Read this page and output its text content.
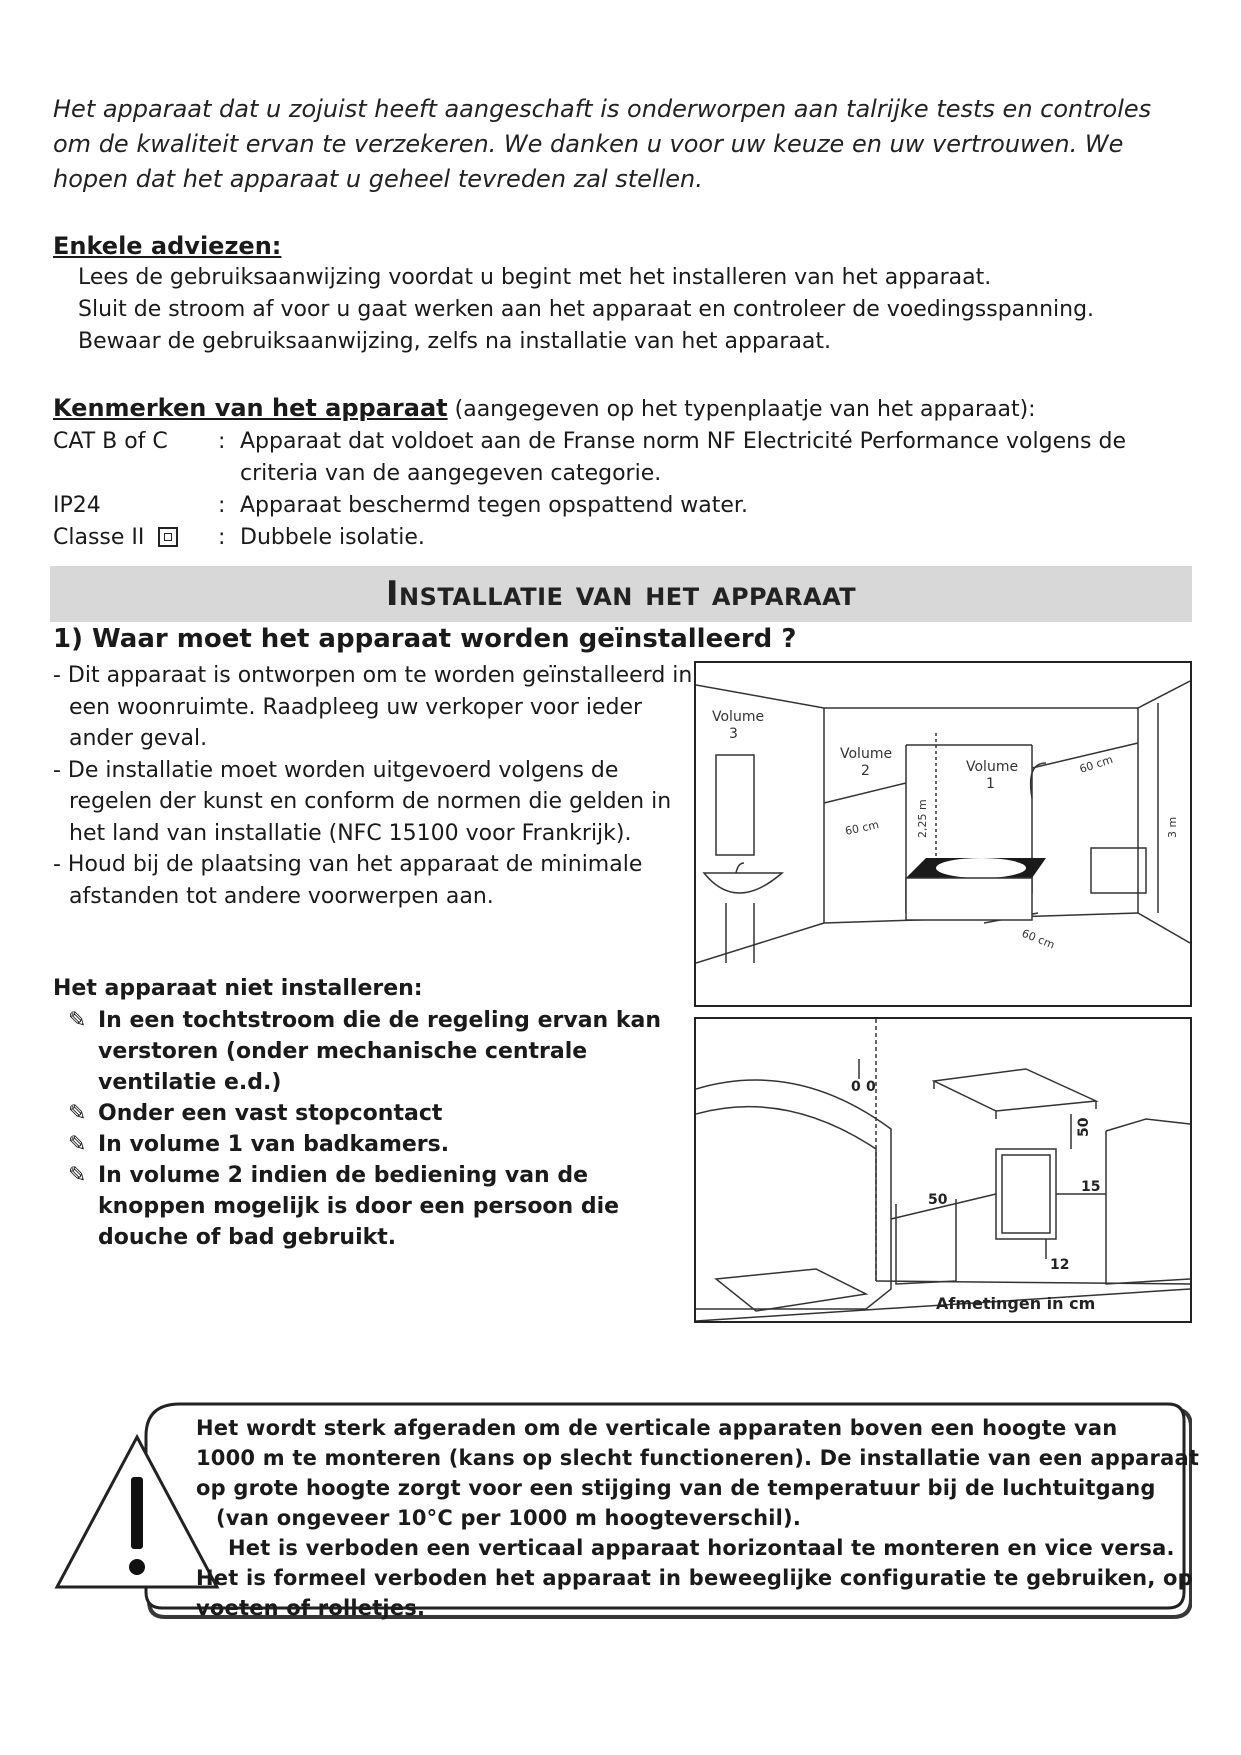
Het apparaat dat u zojuist heeft aangeschaft is onderworpen aan talrijke tests en controles om de kwaliteit ervan te verzekeren. We danken u voor uw keuze en uw vertrouwen. We hopen dat het apparaat u geheel tevreden zal stellen.
Enkele adviezen:
Lees de gebruiksaanwijzing voordat u begint met het installeren van het apparaat.
Sluit de stroom af voor u gaat werken aan het apparaat en controleer de voedingsspanning.
Bewaar de gebruiksaanwijzing, zelfs na installatie van het apparaat.
Kenmerken van het apparaat (aangegeven op het typenplaatje van het apparaat):
CAT B of C	: Apparaat dat voldoet aan de Franse norm NF Electricité Performance volgens de
criteria van de aangegeven categorie.
IP24	: Apparaat beschermd tegen opspattend water.
Classe II	: Dubbele isolatie.
I nstallatie van het apparaat
1) Waar moet het apparaat worden geïnstalleerd ?
- Dit apparaat is ontworpen om te worden geïnstalleerd in een woonruimte. Raadpleeg uw verkoper voor ieder ander geval.
- De installatie moet worden uitgevoerd volgens de regelen der kunst en conform de normen die gelden in het land van installatie (NFC 15100 voor Frankrijk).
- Houd bij de plaatsing van het apparaat de minimale afstanden tot andere voorwerpen aan.
Het apparaat niet installeren:
✎ In een tochtstroom die de regeling ervan kan verstoren (onder mechanische centrale ventilatie e.d.)
✎ Onder een vast stopcontact
✎ In volume 1 van badkamers.
✎ In volume 2 indien de bediening van de knoppen mogelijk is door een persoon die douche of bad gebruikt.
Volume
3
Volume
2	Volume
1
60 cm
60 cm
60 cm
2,25 m	3 m
0 0
50
50
15
12
Afmetingen in cm
Het wordt sterk afgeraden om de verticale apparaten boven een hoogte van
1000 m te monteren (kans op slecht functioneren). De installatie van een apparaat
op grote hoogte zorgt voor een stijging van de temperatuur bij de luchtuitgang
(van ongeveer 10°C per 1000 m hoogteverschil).
Het is verboden een verticaal apparaat horizontaal te monteren en vice versa.
Het is formeel verboden het apparaat in beweeglijke configuratie te gebruiken, op
voeten of rolletjes.
